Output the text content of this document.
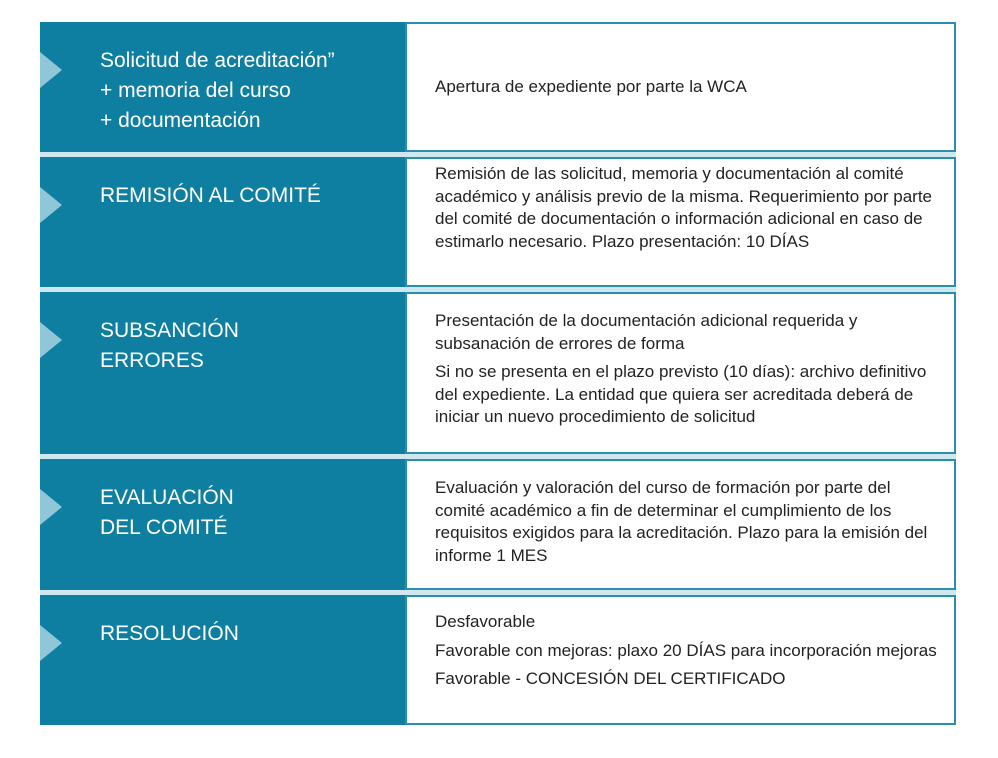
Solicitud de acreditación”
+ memoria del curso
+ documentación

Apertura de expediente por parte la WCA

REMISIÓN AL COMITÉ

Remisión de las solicitud, memoria y documentación al comité académico y análisis previo de la misma. Requerimiento por parte del comité de documentación o información adicional en caso de estimarlo necesario. Plazo presentación: 10 DÍAS

SUBSANCIÓN
ERRORES

Presentación de la documentación adicional requerida y subsanación de errores de forma

Si no se presenta en el plazo previsto (10 días): archivo definitivo del expediente. La entidad que quiera ser acreditada deberá de iniciar un nuevo procedimiento de solicitud

EVALUACIÓN
DEL COMITÉ

Evaluación y valoración del curso de formación por parte del comité académico a fin de determinar el cumplimiento de los requisitos exigidos para la acreditación. Plazo para la emisión del informe 1 MES

RESOLUCIÓN

Desfavorable

Favorable con mejoras: plaxo 20 DÍAS para incorporación mejoras

Favorable - CONCESIÓN DEL CERTIFICADO
